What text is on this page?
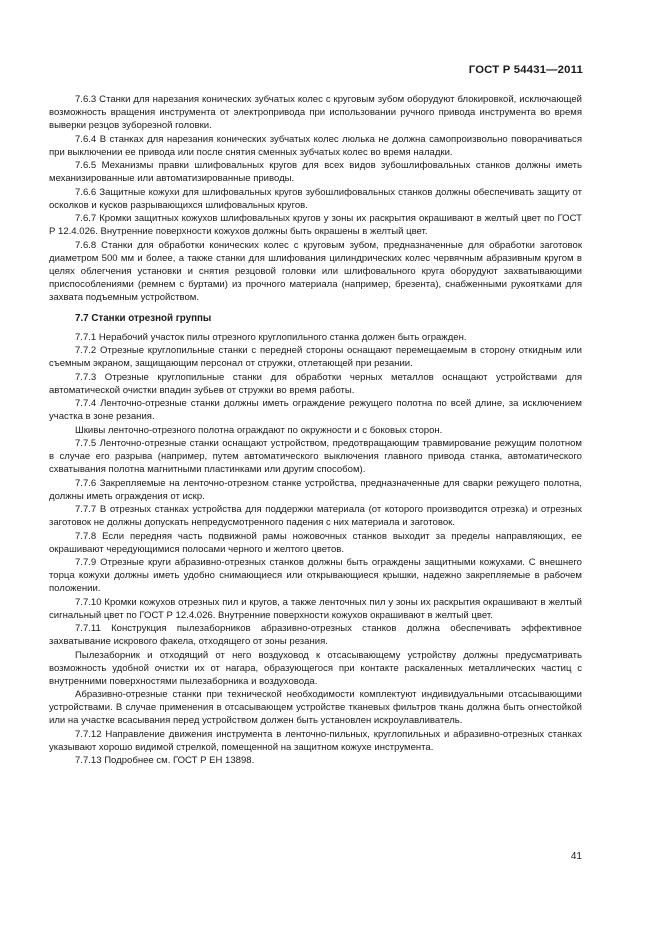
ГОСТ Р 54431—2011

7.6.3 Станки для нарезания конических зубчатых колес с круговым зубом оборудуют блокировкой, исключающей возможность вращения инструмента от электропривода при использовании ручного привода инструмента во время выверки резцов зуборезной головки.

7.6.4 В станках для нарезания конических зубчатых колес люлька не должна самопроизвольно поворачиваться при выключении ее привода или после снятия сменных зубчатых колес во время наладки.

7.6.5 Механизмы правки шлифовальных кругов для всех видов зубошлифовальных станков должны иметь механизированные или автоматизированные приводы.

7.6.6 Защитные кожухи для шлифовальных кругов зубошлифовальных станков должны обеспечивать защиту от осколков и кусков разрывающихся шлифовальных кругов.

7.6.7 Кромки защитных кожухов шлифовальных кругов у зоны их раскрытия окрашивают в желтый цвет по ГОСТ Р 12.4.026. Внутренние поверхности кожухов должны быть окрашены в желтый цвет.

7.6.8 Станки для обработки конических колес с круговым зубом, предназначенные для обработки заготовок диаметром 500 мм и более, а также станки для шлифования цилиндрических колес червячным абразивным кругом в целях облегчения установки и снятия резцовой головки или шлифовального круга оборудуют захватывающими приспособлениями (ремнем с буртами) из прочного материала (например, брезента), снабженными рукоятками для захвата подъемным устройством.

7.7 Станки отрезной группы

7.7.1 Нерабочий участок пилы отрезного круглопильного станка должен быть огражден.

7.7.2 Отрезные круглопильные станки с передней стороны оснащают перемещаемым в сторону откидным или съемным экраном, защищающим персонал от стружки, отлетающей при резании.

7.7.3 Отрезные круглопильные станки для обработки черных металлов оснащают устройствами для автоматической очистки впадин зубьев от стружки во время работы.

7.7.4 Ленточно-отрезные станки должны иметь ограждение режущего полотна по всей длине, за исключением участка в зоне резания.

Шкивы ленточно-отрезного полотна ограждают по окружности и с боковых сторон.

7.7.5 Ленточно-отрезные станки оснащают устройством, предотвращающим травмирование режущим полотном в случае его разрыва (например, путем автоматического выключения главного привода станка, автоматического схватывания полотна магнитными пластинками или другим способом).

7.7.6 Закрепляемые на ленточно-отрезном станке устройства, предназначенные для сварки режущего полотна, должны иметь ограждения от искр.

7.7.7 В отрезных станках устройства для поддержки материала (от которого производится отрезка) и отрезных заготовок не должны допускать непредусмотренного падения с них материала и заготовок.

7.7.8 Если передняя часть подвижной рамы ножовочных станков выходит за пределы направляющих, ее окрашивают чередующимися полосами черного и желтого цветов.

7.7.9 Отрезные круги абразивно-отрезных станков должны быть ограждены защитными кожухами. С внешнего торца кожухи должны иметь удобно снимающиеся или открывающиеся крышки, надежно закрепляемые в рабочем положении.

7.7.10 Кромки кожухов отрезных пил и кругов, а также ленточных пил у зоны их раскрытия окрашивают в желтый сигнальный цвет по ГОСТ Р 12.4.026. Внутренние поверхности кожухов окрашивают в желтый цвет.

7.7.11 Конструкция пылезаборников абразивно-отрезных станков должна обеспечивать эффективное захватывание искрового факела, отходящего от зоны резания.

Пылезаборник и отходящий от него воздуховод к отсасывающему устройству должны предусматривать возможность удобной очистки их от нагара, образующегося при контакте раскаленных металлических частиц с внутренними поверхностями пылезаборника и воздуховода.

Абразивно-отрезные станки при технической необходимости комплектуют индивидуальными отсасывающими устройствами. В случае применения в отсасывающем устройстве тканевых фильтров ткань должна быть огнестойкой или на участке всасывания перед устройством должен быть установлен искроулавливатель.

7.7.12 Направление движения инструмента в ленточно-пильных, круглопильных и абразивно-отрезных станках указывают хорошо видимой стрелкой, помещенной на защитном кожухе инструмента.

7.7.13 Подробнее см. ГОСТ Р ЕН 13898.

41
